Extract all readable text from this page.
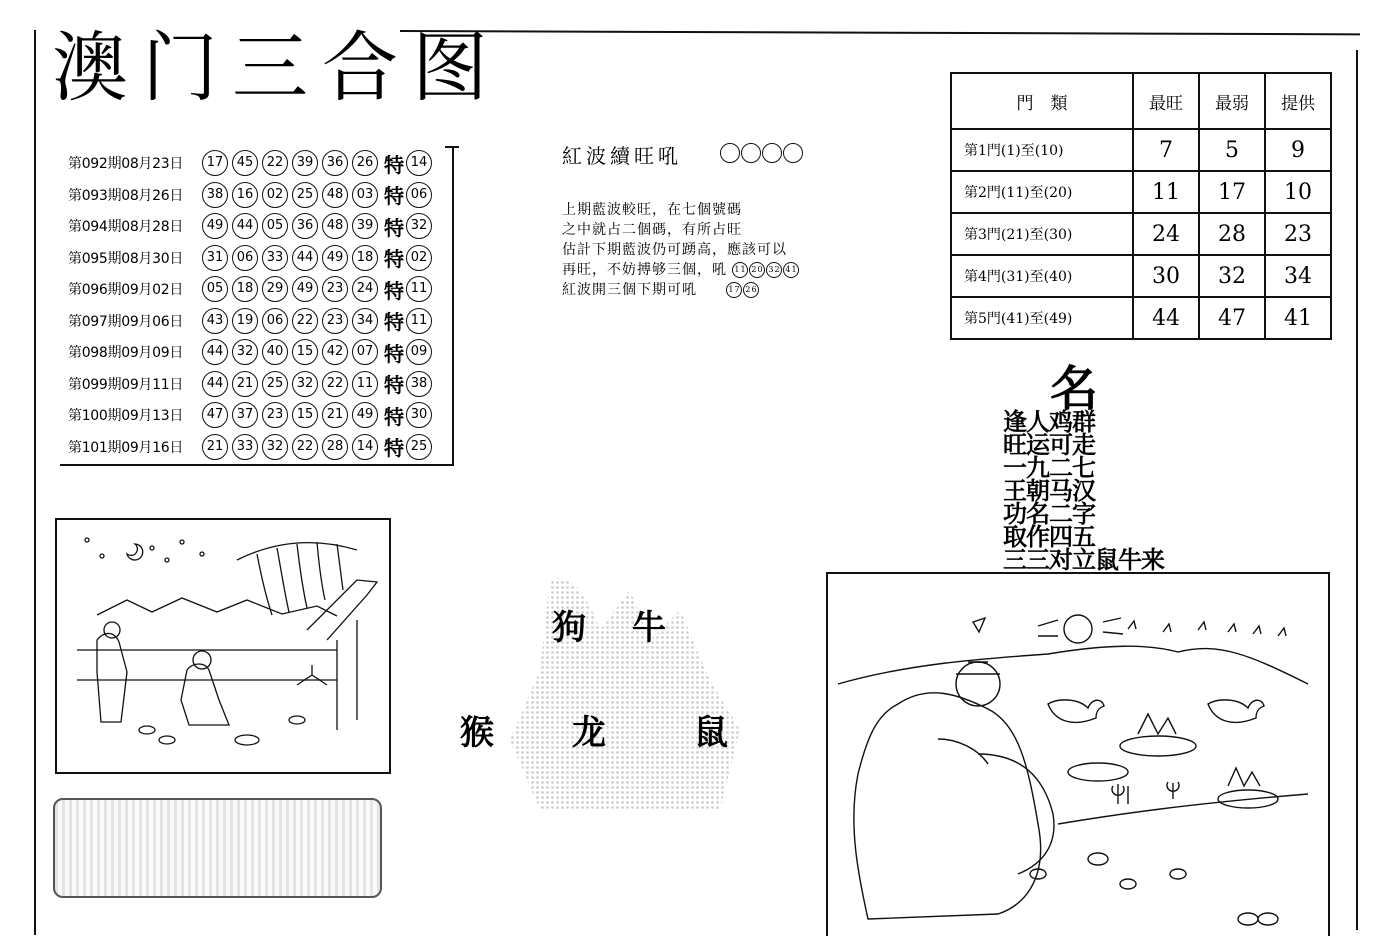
澳门三合图
第092期08月23日	17	45	22	39	36	26 特 14
第093期08月26日	38	16	02	25	48	03 特 06
第094期08月28日	49	44	05	36	48	39 特 32
第095期08月30日	31	06	33	44	49	18 特 02
第096期09月02日	05	18	29	49	23	24 特 11
第097期09月06日	43	19	06	22	23	34 特 11
第098期09月09日	44	32	40	15	42	07 特 09
第099期09月11日	44	21	25	32	22	11 特 38
第100期09月13日	47	37	23	15	21	49 特 30
第101期09月16日	21	33	32	22	28	14 特 25
紅波續旺吼
上期藍波較旺，在七個號碼
之中就占二個碼，有所占旺
估計下期藍波仍可踴高，應該可以
再旺，不妨搏够三個，吼 11 20 32 41
紅波開三個下期可吼	17 26
門　類	最旺	最弱	提供
第1門(1)至(10)	7	5	9
第2門(11)至(20)	11	17	10
第3門(21)至(30)	24	28	23
第4門(31)至(40)	30	32	34
第5門(41)至(49)	44	47	41
名
逢人鸡群
旺运可走
一九二七
王朝马汉
功名二字
取作四五
三三对立鼠牛来
狗 牛
猴 龙	鼠
